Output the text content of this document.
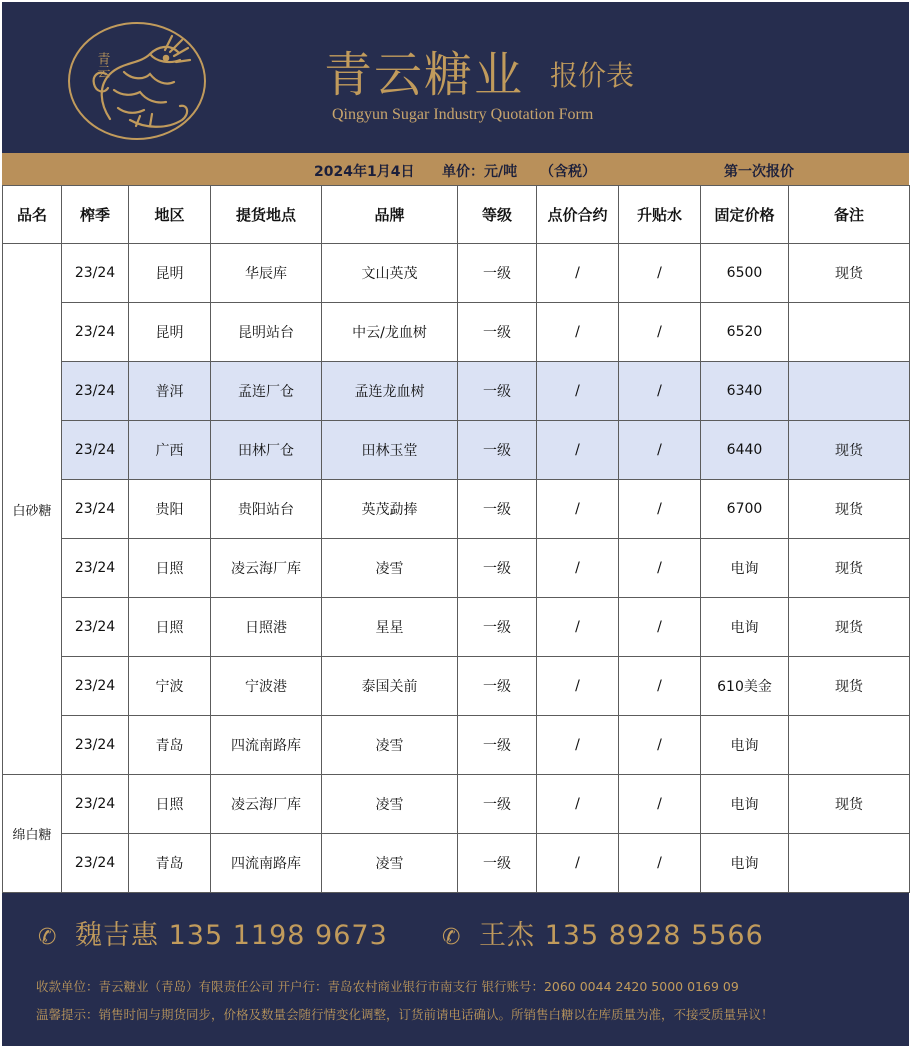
青云	青云糖业 报价表
Qingyun Sugar Industry Quotation Form
2024年1月4日 单价：元/吨 （含税）	第一次报价
品名	榨季	地区	提货地点	品牌	等级	点价合约	升贴水	固定价格	备注
白砂糖	23/24	昆明	华辰库	文山英茂	一级	/	/	6500	现货
	23/24	昆明	昆明站台	中云/龙血树	一级	/	/	6520	
	23/24	普洱	孟连厂仓	孟连龙血树	一级	/	/	6340	
	23/24	广西	田林厂仓	田林玉堂	一级	/	/	6440	现货
	23/24	贵阳	贵阳站台	英茂勐捧	一级	/	/	6700	现货
	23/24	日照	凌云海厂库	凌雪	一级	/	/	电询	现货
	23/24	日照	日照港	星星	一级	/	/	电询	现货
	23/24	宁波	宁波港	泰国关前	一级	/	/	610美金	现货
	23/24	青岛	四流南路库	凌雪	一级	/	/	电询	
绵白糖	23/24	日照	凌云海厂库	凌雪	一级	/	/	电询	现货
	23/24	青岛	四流南路库	凌雪	一级	/	/	电询	
✆ 魏吉惠 135 1198 9673 ✆ 王杰 135 8928 5566
收款单位：青云糖业（青岛）有限责任公司 开户行：青岛农村商业银行市南支行 银行账号：2060 0044 2420 5000 0169 09
温馨提示：销售时间与期货同步，价格及数量会随行情变化调整，订货前请电话确认。所销售白糖以在库质量为准，不接受质量异议！
